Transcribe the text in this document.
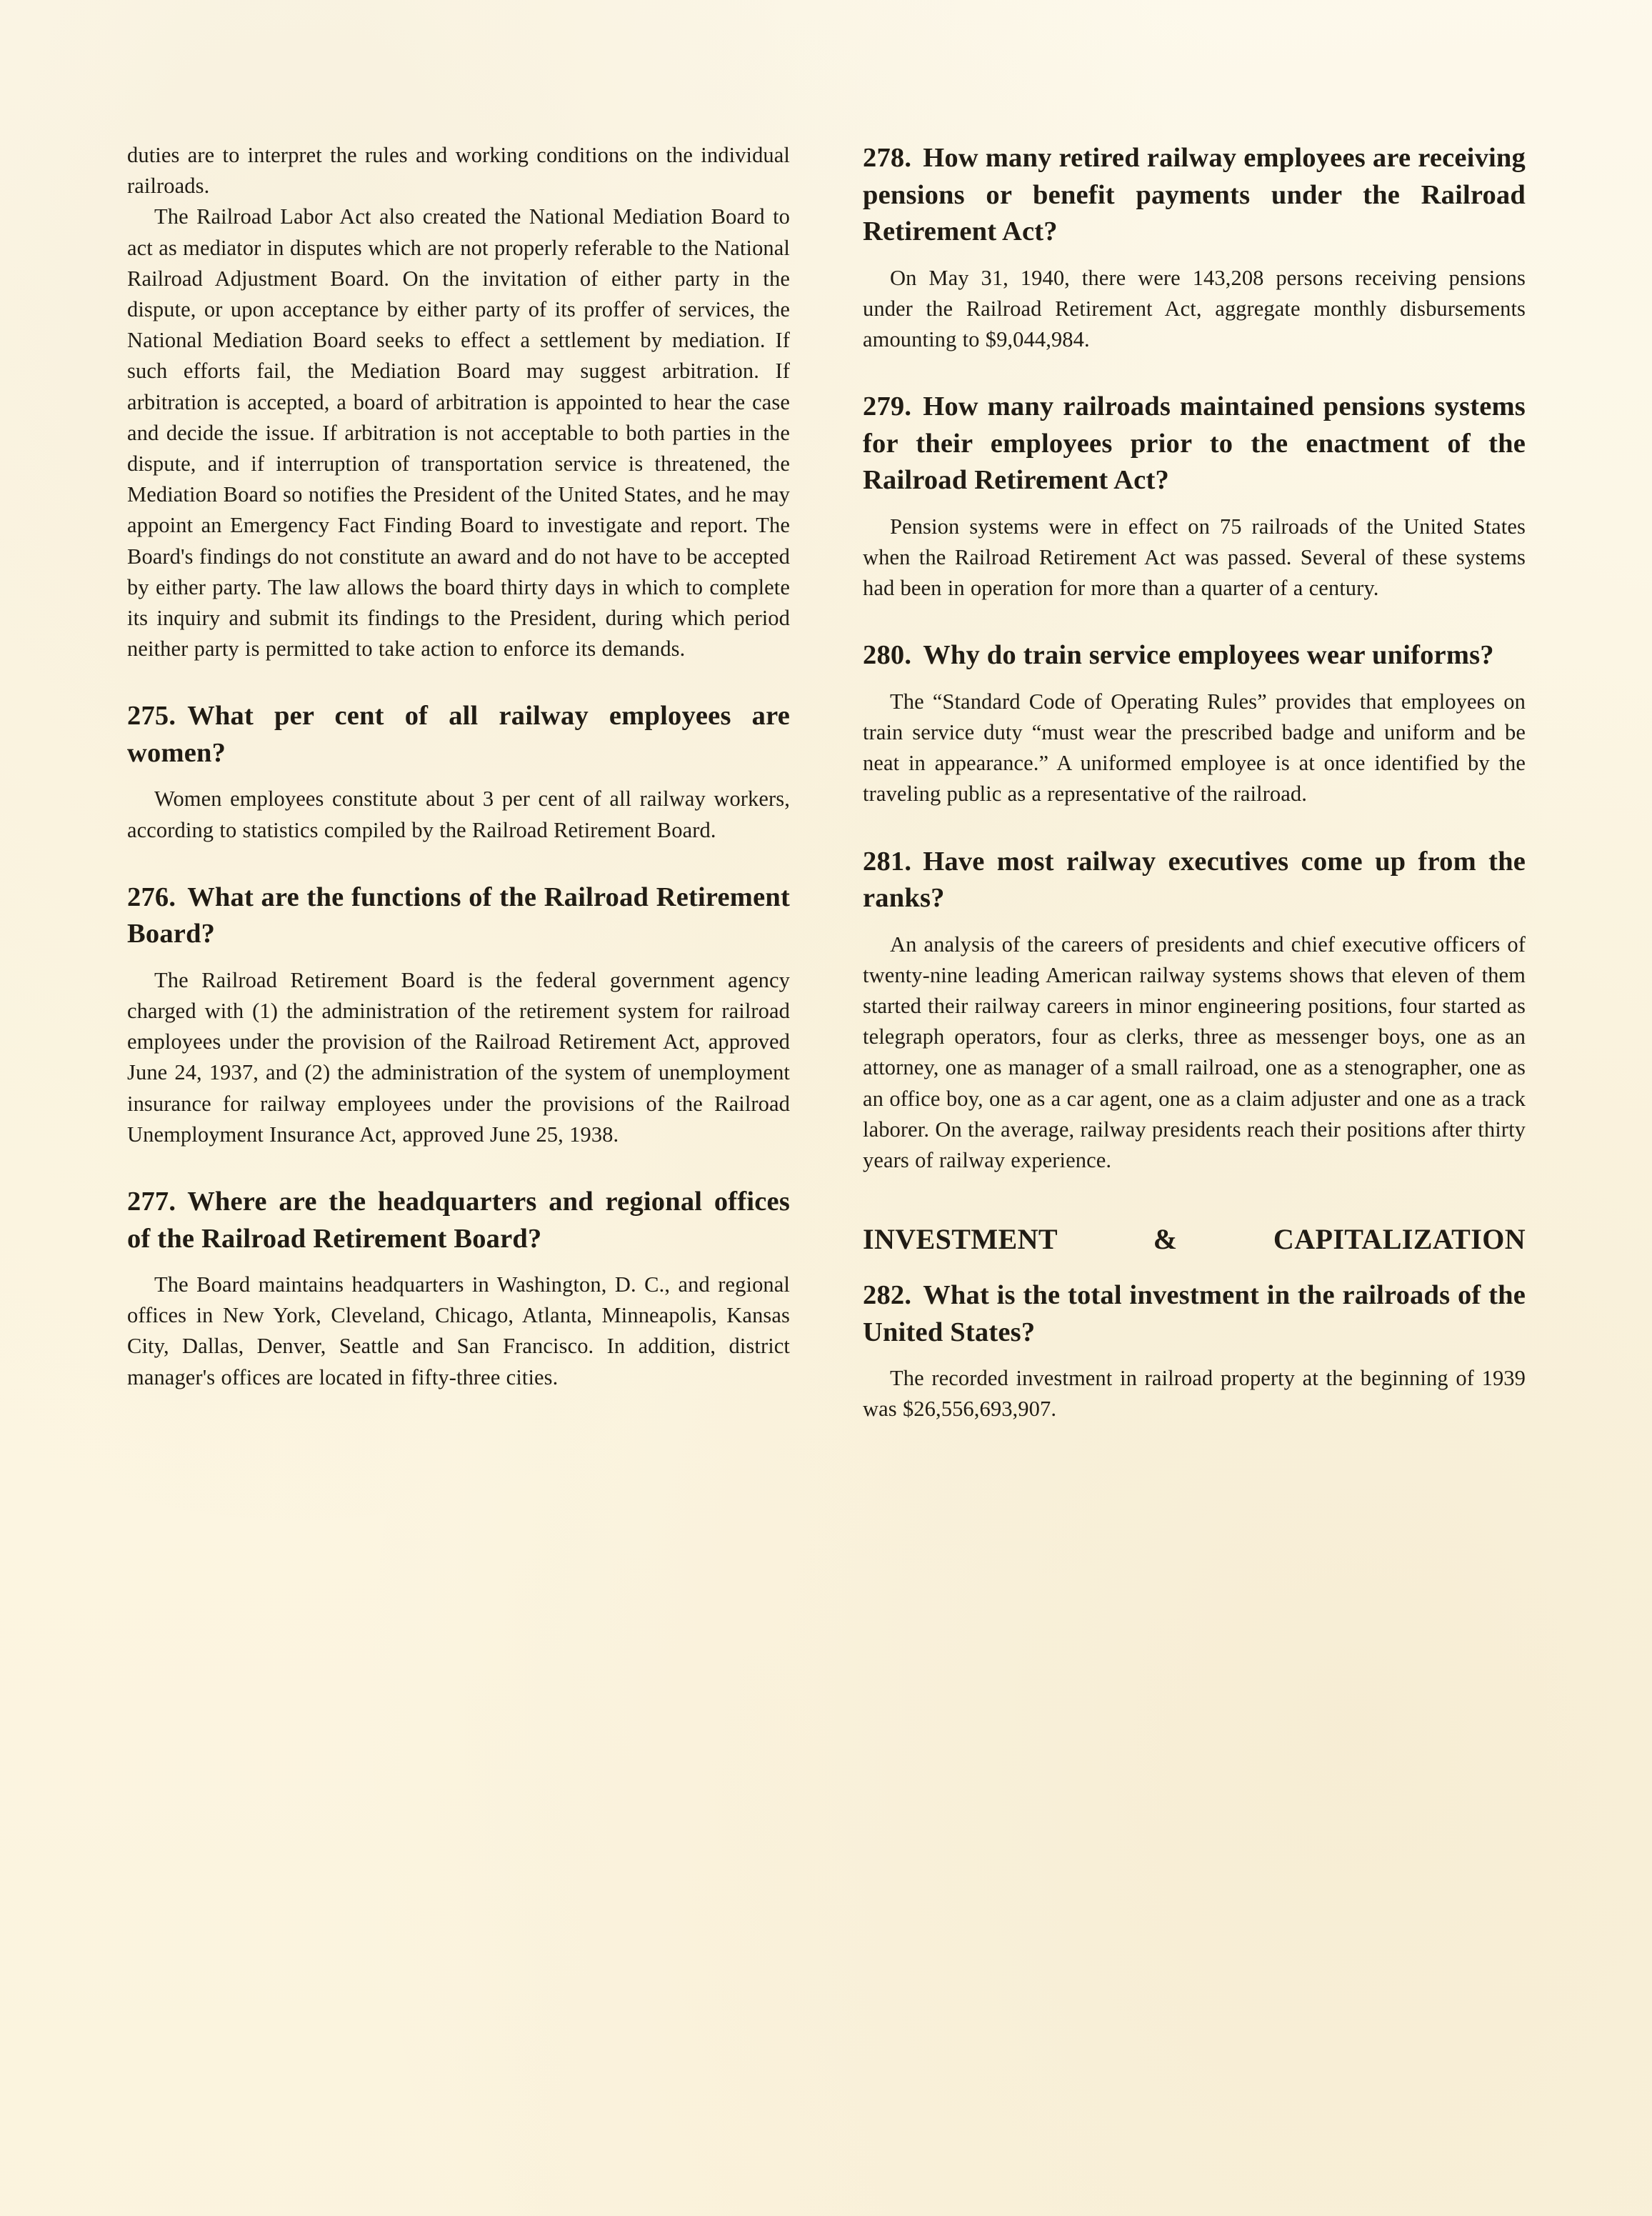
duties are to interpret the rules and working conditions on the individual railroads.

The Railroad Labor Act also created the National Mediation Board to act as mediator in disputes which are not properly referable to the National Railroad Adjustment Board. On the invitation of either party in the dispute, or upon acceptance by either party of its proffer of services, the National Mediation Board seeks to effect a settlement by mediation. If such efforts fail, the Mediation Board may suggest arbitration. If arbitration is accepted, a board of arbitration is appointed to hear the case and decide the issue. If arbitration is not acceptable to both parties in the dispute, and if interruption of transportation service is threatened, the Mediation Board so notifies the President of the United States, and he may appoint an Emergency Fact Finding Board to investigate and report. The Board's findings do not constitute an award and do not have to be accepted by either party. The law allows the board thirty days in which to complete its inquiry and submit its findings to the President, during which period neither party is permitted to take action to enforce its demands.

275. What per cent of all railway employees are women?

Women employees constitute about 3 per cent of all railway workers, according to statistics compiled by the Railroad Retirement Board.

276. What are the functions of the Railroad Retirement Board?

The Railroad Retirement Board is the federal government agency charged with (1) the administration of the retirement system for railroad employees under the provision of the Railroad Retirement Act, approved June 24, 1937, and (2) the administration of the system of unemployment insurance for railway employees under the provisions of the Railroad Unemployment Insurance Act, approved June 25, 1938.

277. Where are the headquarters and regional offices of the Railroad Retirement Board?

The Board maintains headquarters in Washington, D. C., and regional offices in New York, Cleveland, Chicago, Atlanta, Minneapolis, Kansas City, Dallas, Denver, Seattle and San Francisco. In addition, district manager's offices are located in fifty-three cities.

278. How many retired railway employees are receiving pensions or benefit payments under the Railroad Retirement Act?

On May 31, 1940, there were 143,208 persons receiving pensions under the Railroad Retirement Act, aggregate monthly disbursements amounting to $9,044,984.

279. How many railroads maintained pensions systems for their employees prior to the enactment of the Railroad Retirement Act?

Pension systems were in effect on 75 railroads of the United States when the Railroad Retirement Act was passed. Several of these systems had been in operation for more than a quarter of a century.

280. Why do train service employees wear uniforms?

The “Standard Code of Operating Rules” provides that employees on train service duty “must wear the prescribed badge and uniform and be neat in appearance.” A uniformed employee is at once identified by the traveling public as a representative of the railroad.

281. Have most railway executives come up from the ranks?

An analysis of the careers of presidents and chief executive officers of twenty-nine leading American railway systems shows that eleven of them started their railway careers in minor engineering positions, four started as telegraph operators, four as clerks, three as messenger boys, one as an attorney, one as manager of a small railroad, one as a stenographer, one as an office boy, one as a car agent, one as a claim adjuster and one as a track laborer. On the average, railway presidents reach their positions after thirty years of railway experience.

INVESTMENT & CAPITALIZATION
282. What is the total investment in the railroads of the United States?

The recorded investment in railroad property at the beginning of 1939 was $26,556,693,907.
